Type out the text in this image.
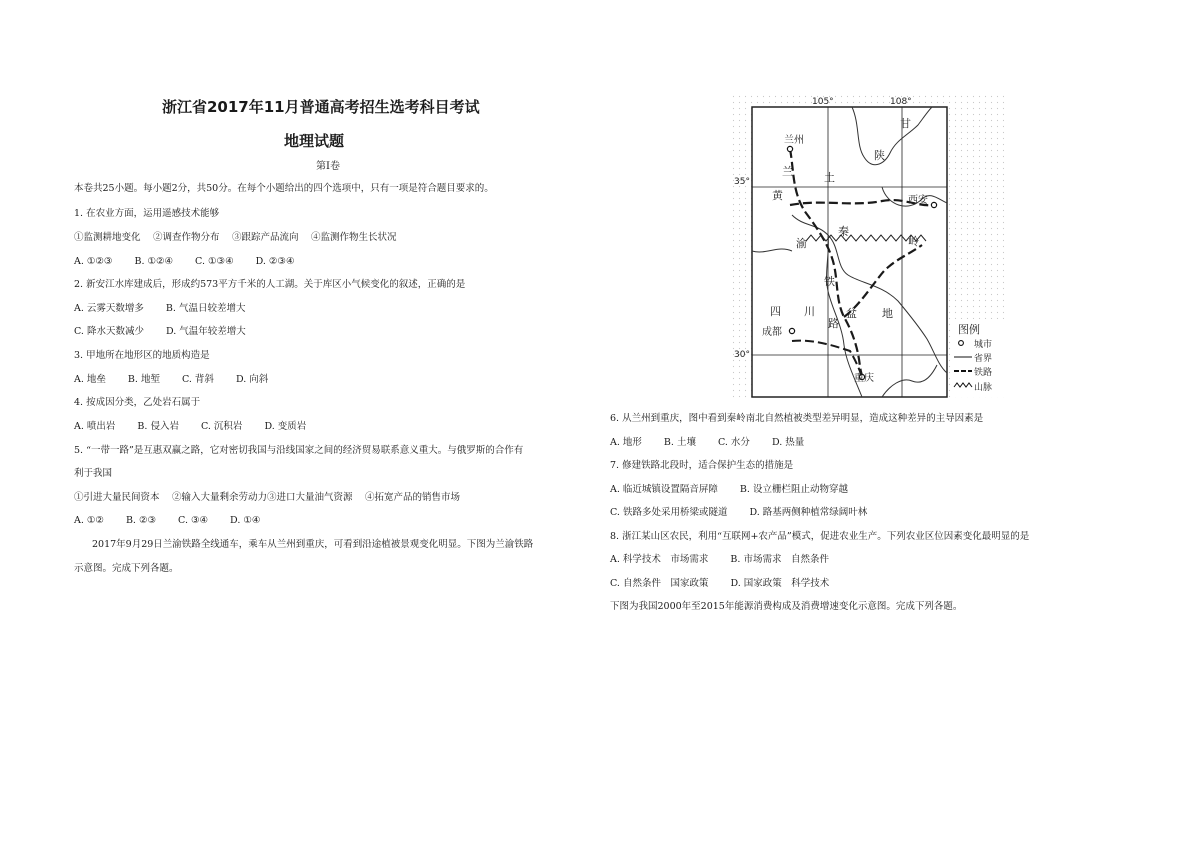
浙江省2017年11月普通高考招生选考科目考试
地理试题
第Ⅰ卷
本卷共25小题。每小题2分，共50分。在每个小题给出的四个选项中，只有一项是符合题目要求的。
1. 在农业方面，运用遥感技术能够
①监测耕地变化　 ②调查作物分布　 ③跟踪产品流向　 ④监测作物生长状况
A. ①②③　　 B. ①②④　　 C. ①③④　　 D. ②③④
2. 新安江水库建成后，形成约573平方千米的人工湖。关于库区小气候变化的叙述，正确的是
A. 云雾天数增多　　 B. 气温日较差增大
C. 降水天数减少　　 D. 气温年较差增大
3. 甲地所在地形区的地质构造是
A. 地垒　　 B. 地堑　　 C. 背斜　　 D. 向斜
4. 按成因分类，乙处岩石属于
A. 喷出岩　　 B. 侵入岩　　 C. 沉积岩　　 D. 变质岩
5. “一带一路”是互惠双赢之路，它对密切我国与沿线国家之间的经济贸易联系意义重大。与俄罗斯的合作有
利于我国
①引进大量民间资本　 ②输入大量剩余劳动力③进口大量油气资源　 ④拓宽产品的销售市场
A. ①②　　 B. ②③　　 C. ③④　　 D. ①④
2017年9月29日兰渝铁路全线通车，乘车从兰州到重庆，可看到沿途植被景观变化明显。下图为兰渝铁路
示意图。完成下列各题。
105°	108°
35°
30°
兰州
西安
成都
重庆
甘
陕
兰	土
黄
秦
岭
渝
铁
四 川	盆
路
地
图例
城市
省界
铁路
山脉
6. 从兰州到重庆，图中看到秦岭南北自然植被类型差异明显，造成这种差异的主导因素是
A. 地形　　 B. 土壤　　 C. 水分　　 D. 热量
7. 修建铁路北段时，适合保护生态的措施是
A. 临近城镇设置隔音屏障　　 B. 设立栅栏阻止动物穿越
C. 铁路多处采用桥梁或隧道　　 D. 路基两侧种植常绿阔叶林
8. 浙江某山区农民，利用“互联网+农产品”模式，促进农业生产。下列农业区位因素变化最明显的是
A. 科学技术　市场需求　　 B. 市场需求　自然条件
C. 自然条件　国家政策　　 D. 国家政策　科学技术
下图为我国2000年至2015年能源消费构成及消费增速变化示意图。完成下列各题。
